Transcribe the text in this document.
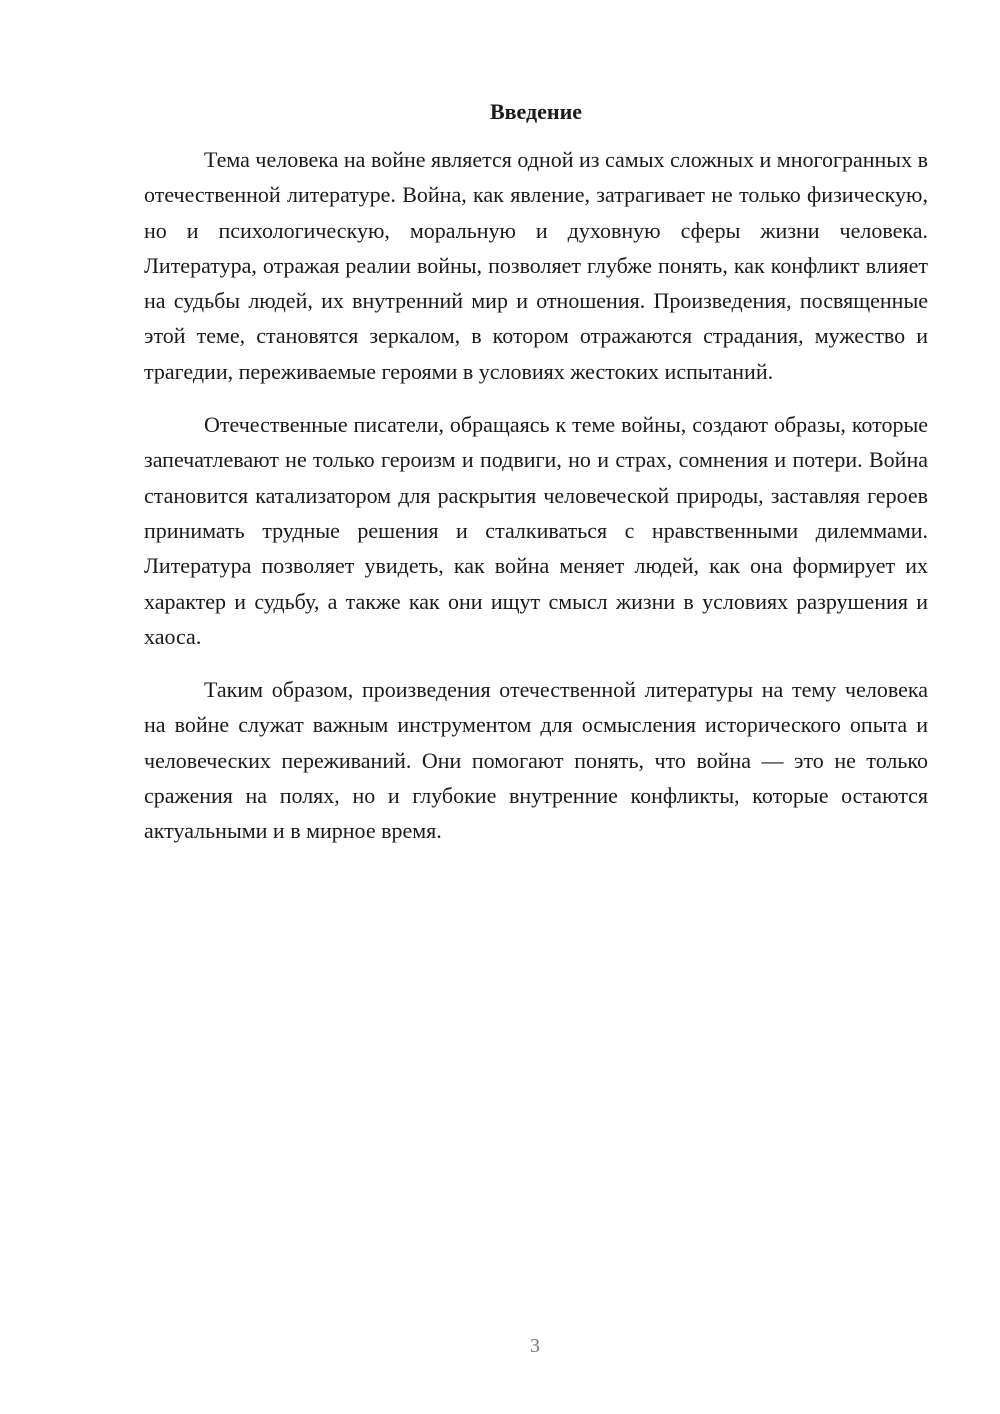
Введение

Тема человека на войне является одной из самых сложных и многогранных в отечественной литературе. Война, как явление, затрагивает не только физическую, но и психологическую, моральную и духовную сферы жизни человека. Литература, отражая реалии войны, позволяет глубже понять, как конфликт влияет на судьбы людей, их внутренний мир и отношения. Произведения, посвященные этой теме, становятся зеркалом, в котором отражаются страдания, мужество и трагедии, переживаемые героями в условиях жестоких испытаний.

Отечественные писатели, обращаясь к теме войны, создают образы, которые запечатлевают не только героизм и подвиги, но и страх, сомнения и потери. Война становится катализатором для раскрытия человеческой природы, заставляя героев принимать трудные решения и сталкиваться с нравственными дилеммами. Литература позволяет увидеть, как война меняет людей, как она формирует их характер и судьбу, а также как они ищут смысл жизни в условиях разрушения и хаоса.

Таким образом, произведения отечественной литературы на тему человека на войне служат важным инструментом для осмысления исторического опыта и человеческих переживаний. Они помогают понять, что война — это не только сражения на полях, но и глубокие внутренние конфликты, которые остаются актуальными и в мирное время.

3
